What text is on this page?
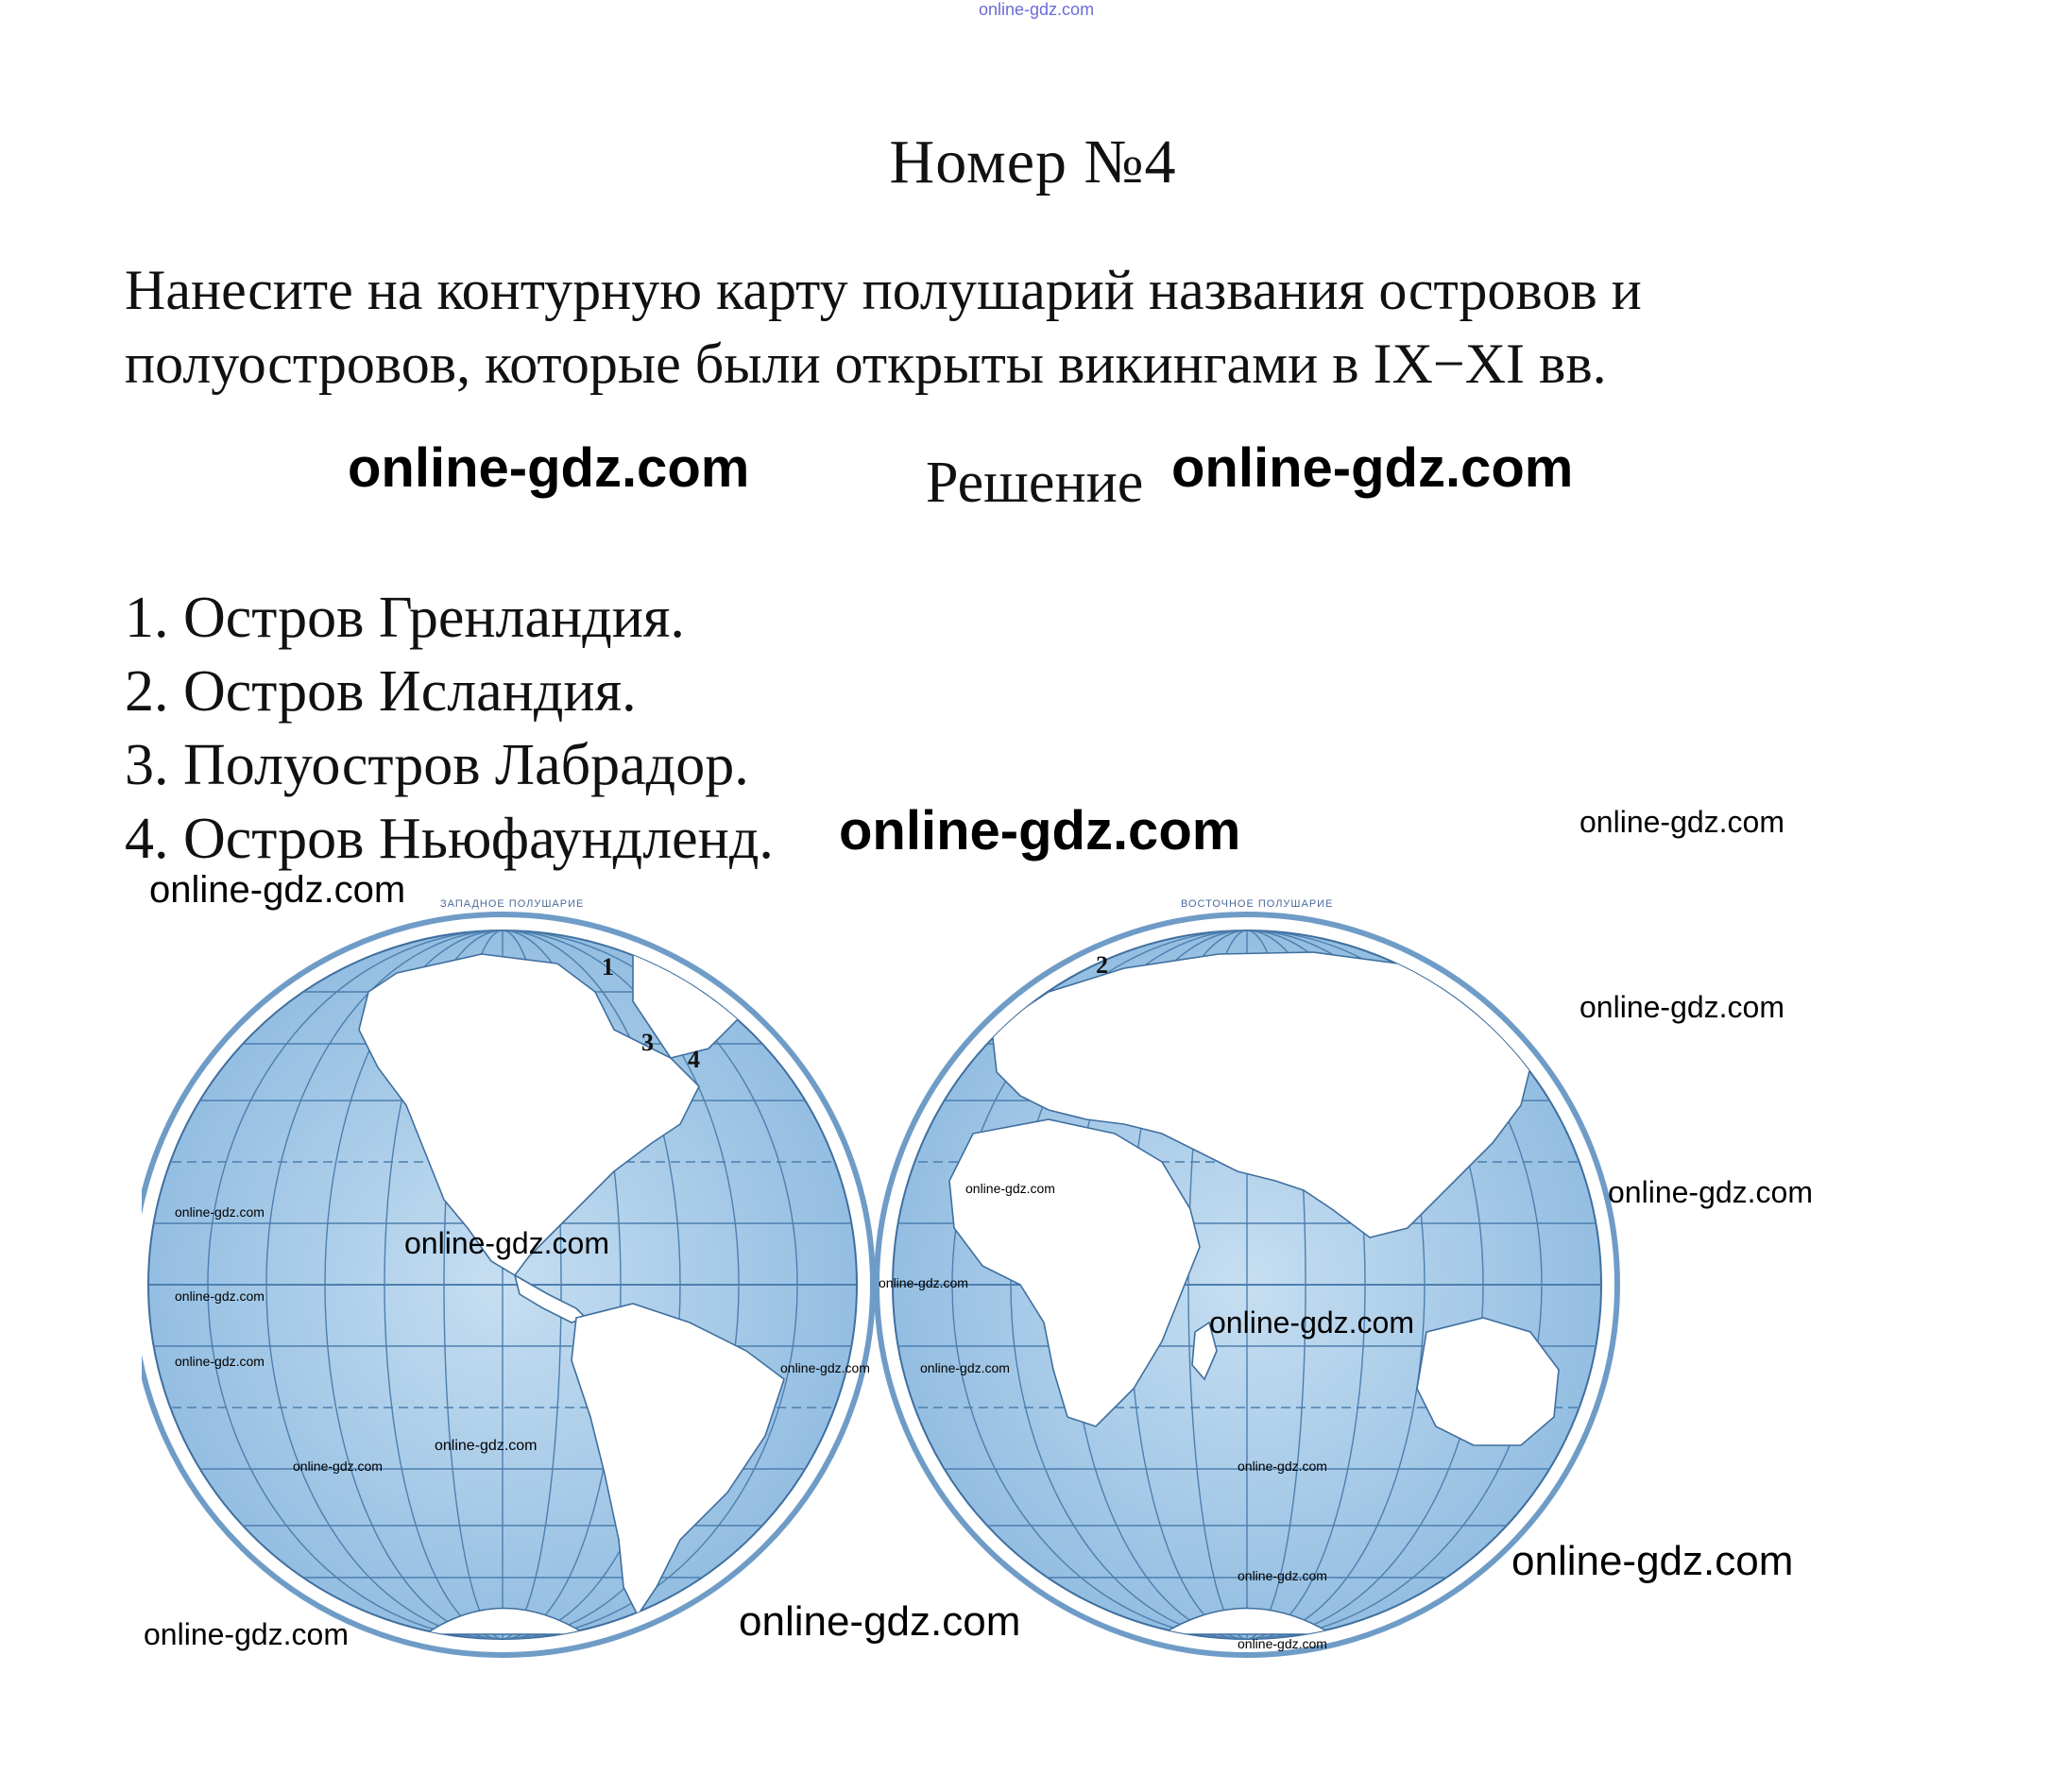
online-gdz.com
Номер №4
Нанесите на контурную карту полушарий названия островов и
полуостровов, которые были открыты викингами в IX−XI вв.
online-gdz.com	Решение online-gdz.com
1. Остров Гренландия.
2. Остров Исландия.
3. Полуостров Лабрадор.
4. Остров Ньюфаундленд. online-gdz.com	online-gdz.com
online-gdz.com	ЗАПАДНОЕ ПОЛУШАРИЕ
1
3
4
ВОСТОЧНОЕ ПОЛУШАРИЕ
2
online-gdz.com
online-gdz.com
online-gdz.com
online-gdz.com
online-gdz.com
online-gdz.com
online-gdz.com
online-gdz.com
online-gdz.com	online-gdz.com	online-gdz.com
online-gdz.com
online-gdz.com	online-gdz.com
online-gdz.com	online-gdz.com
online-gdz.com
online-gdz.com	online-gdz.com
